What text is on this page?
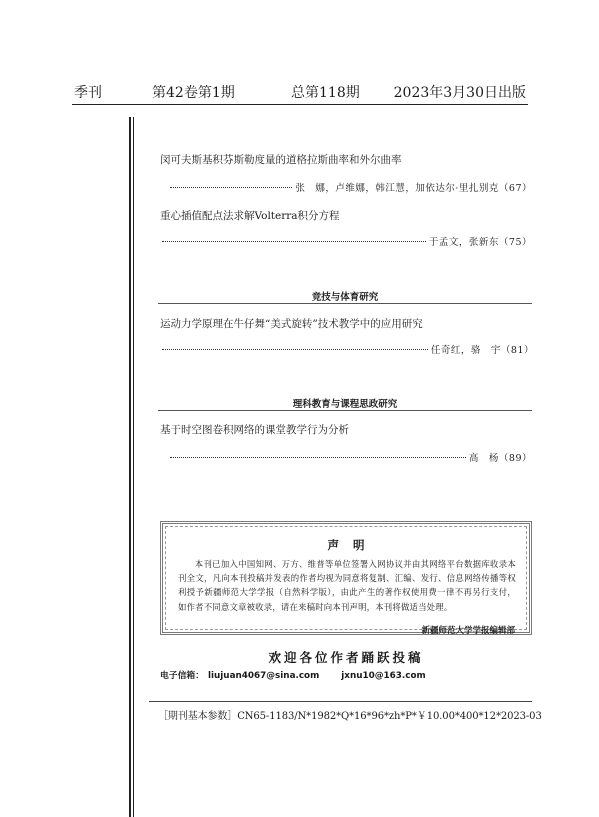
季刊	第42卷第1期	总第118期 2023年3月30日出版
闵可夫斯基积芬斯勒度量的道格拉斯曲率和外尔曲率
张　娜，卢维娜，韩江慧，加依达尔·里扎别克（67）
重心插值配点法求解Volterra积分方程
于孟文，张新东（75）
竞技与体育研究
运动力学原理在牛仔舞“美式旋转”技术教学中的应用研究
任奇红，骆　宇（81）
理科教育与课程思政研究
基于时空图卷积网络的课堂教学行为分析
高　杨（89）
声明
本刊已加入中国知网、万方、维普等单位签署入网协议并由其网络平台数据库收录本刊全文，凡向本刊投稿并发表的作者均视为同意将复制、汇编、发行、信息网络传播等权利授予新疆师范大学学报（自然科学版），由此产生的著作权使用费一律不再另行支付，如作者不同意文章被收录，请在来稿时向本刊声明，本刊将做适当处理。
新疆师范大学学报编辑部
欢迎各位作者踊跃投稿
电子信箱： liujuan4067@sina.com	jxnu10@163.com
［期刊基本参数］CN65-1183/N*1982*Q*16*96*zh*P*￥10.00*400*12*2023-03
